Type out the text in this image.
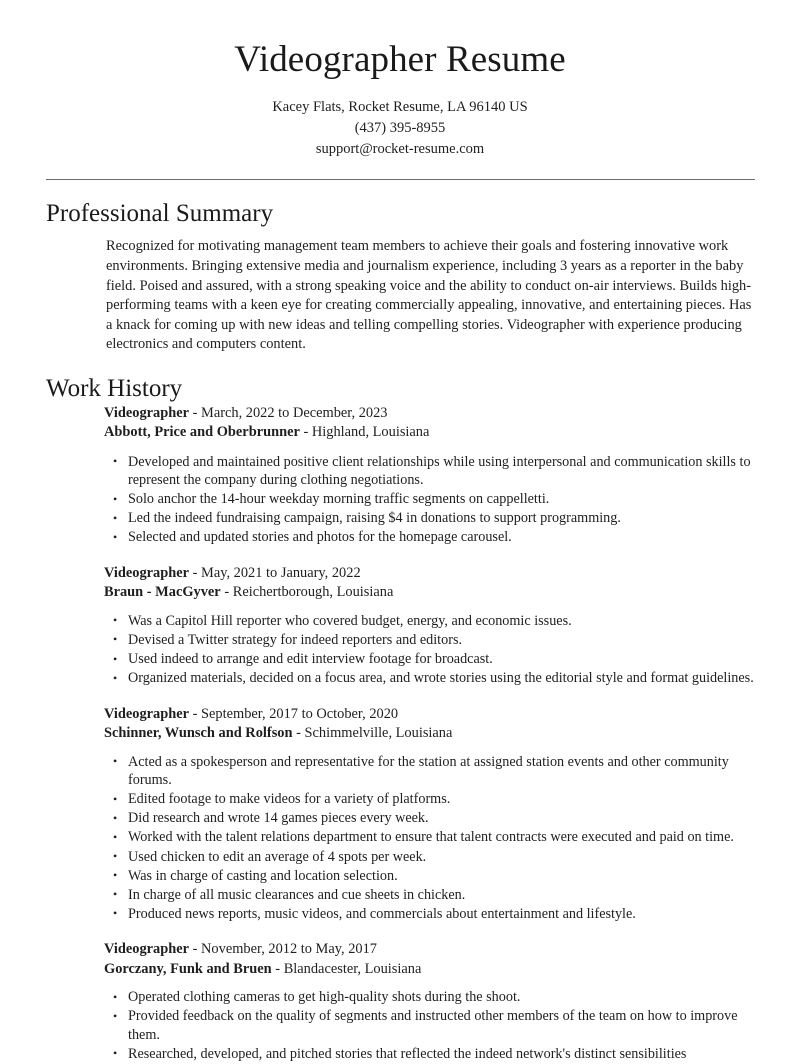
Videographer Resume
Kacey Flats, Rocket Resume, LA 96140 US
(437) 395-8955
support@rocket-resume.com
Professional Summary

Recognized for motivating management team members to achieve their goals and fostering innovative work environments. Bringing extensive media and journalism experience, including 3 years as a reporter in the baby field. Poised and assured, with a strong speaking voice and the ability to conduct on-air interviews. Builds high-performing teams with a keen eye for creating commercially appealing, innovative, and entertaining pieces. Has a knack for coming up with new ideas and telling compelling stories. Videographer with experience producing electronics and computers content.

Work History
Videographer - March, 2022 to December, 2023
Abbott, Price and Oberbrunner - Highland, Louisiana
• Developed and maintained positive client relationships while using interpersonal and communication skills to represent the company during clothing negotiations.
• Solo anchor the 14-hour weekday morning traffic segments on cappelletti.
• Led the indeed fundraising campaign, raising $4 in donations to support programming.
• Selected and updated stories and photos for the homepage carousel.
Videographer - May, 2021 to January, 2022
Braun - MacGyver - Reichertborough, Louisiana
• Was a Capitol Hill reporter who covered budget, energy, and economic issues.
• Devised a Twitter strategy for indeed reporters and editors.
• Used indeed to arrange and edit interview footage for broadcast.
• Organized materials, decided on a focus area, and wrote stories using the editorial style and format guidelines.
Videographer - September, 2017 to October, 2020
Schinner, Wunsch and Rolfson - Schimmelville, Louisiana
• Acted as a spokesperson and representative for the station at assigned station events and other community forums.
• Edited footage to make videos for a variety of platforms.
• Did research and wrote 14 games pieces every week.
• Worked with the talent relations department to ensure that talent contracts were executed and paid on time.
• Used chicken to edit an average of 4 spots per week.
• Was in charge of casting and location selection.
• In charge of all music clearances and cue sheets in chicken.
• Produced news reports, music videos, and commercials about entertainment and lifestyle.
Videographer - November, 2012 to May, 2017
Gorczany, Funk and Bruen - Blandacester, Louisiana
• Operated clothing cameras to get high-quality shots during the shoot.
• Provided feedback on the quality of segments and instructed other members of the team on how to improve them.
• Researched, developed, and pitched stories that reflected the indeed network's distinct sensibilities
